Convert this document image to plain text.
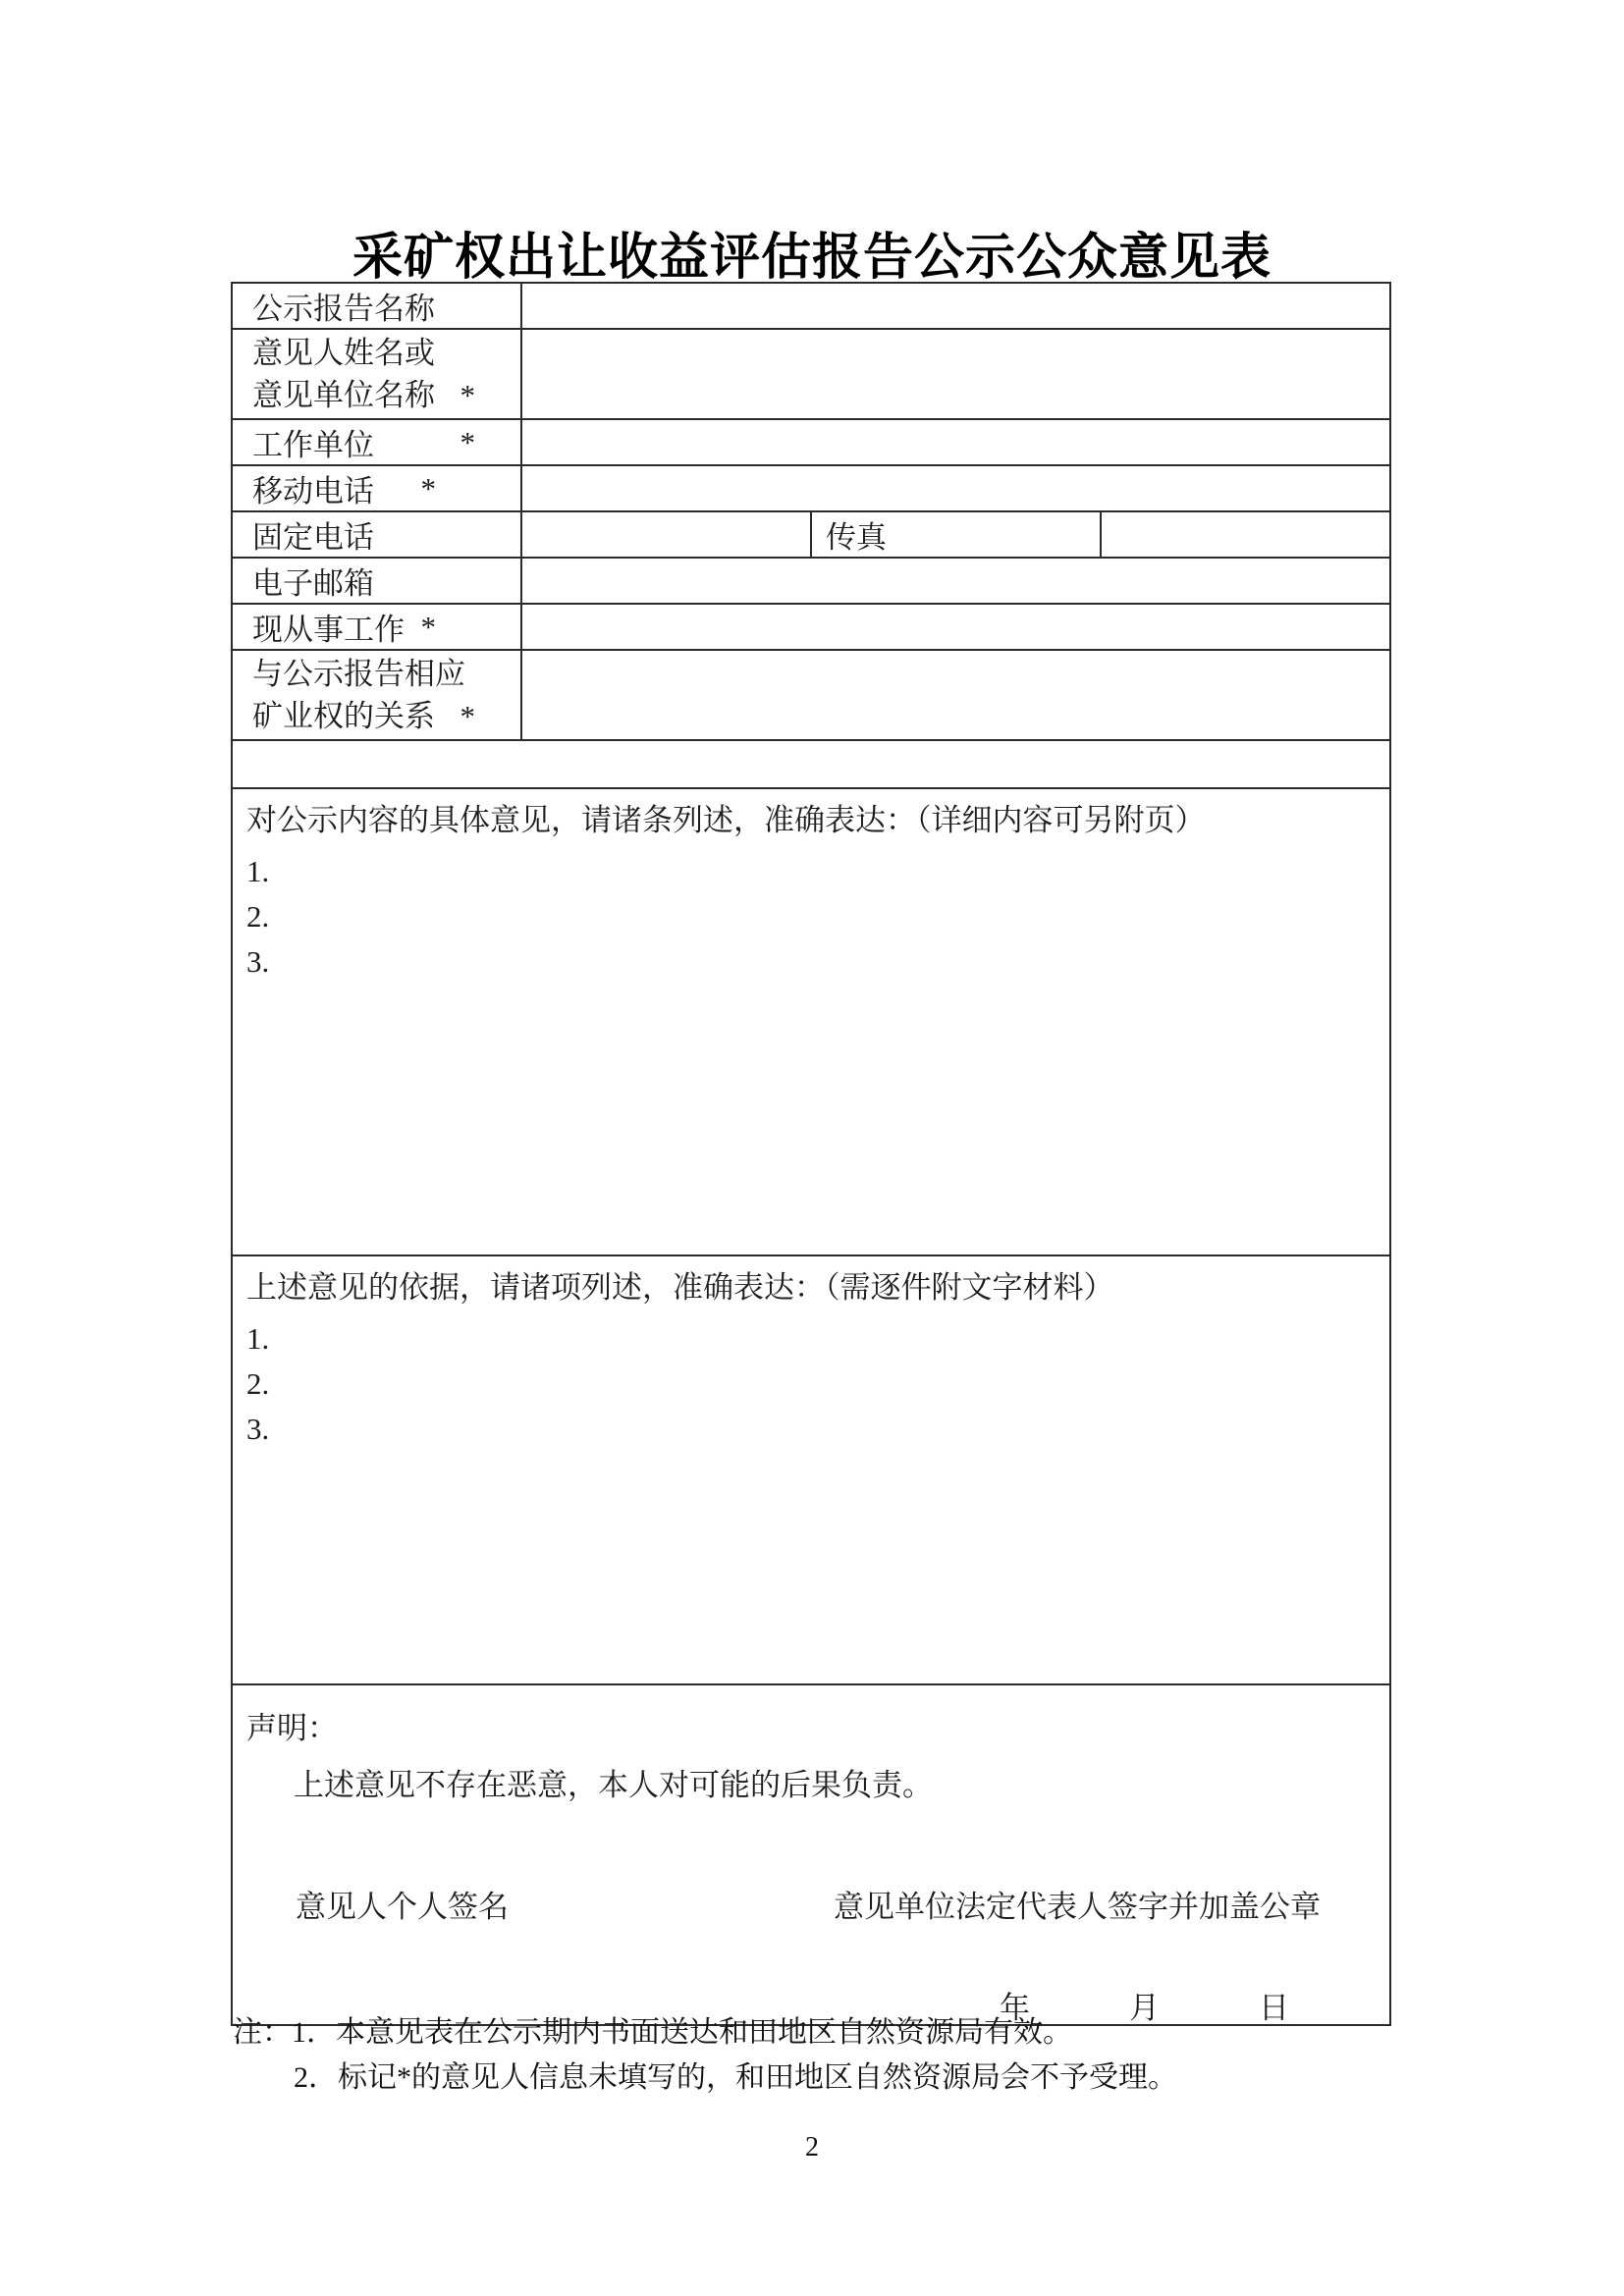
采矿权出让收益评估报告公示公众意见表
公示报告名称			

意见人姓名或
意见单位名称 *			

工作单位 *			

移动电话 *			

固定电话		传真	
电子邮箱			

现从事工作 *			

与公示报告相应
矿业权的关系 *			

对公示内容的具体意见，请诸条列述，准确表达：（详细内容可另附页）
1.
2.
3.			

上述意见的依据，请诸项列述，准确表达：（需逐件附文字材料）
1.
2.
3.			

声明：
上述意见不存在恶意，本人对可能的后果负责。
意见人个人签名 意见单位法定代表人签字并加盖公章
年　　　月　　　日			
注：1．本意见表在公示期内书面送达和田地区自然资源局有效。
2．标记*的意见人信息未填写的，和田地区自然资源局会不予受理。
2
